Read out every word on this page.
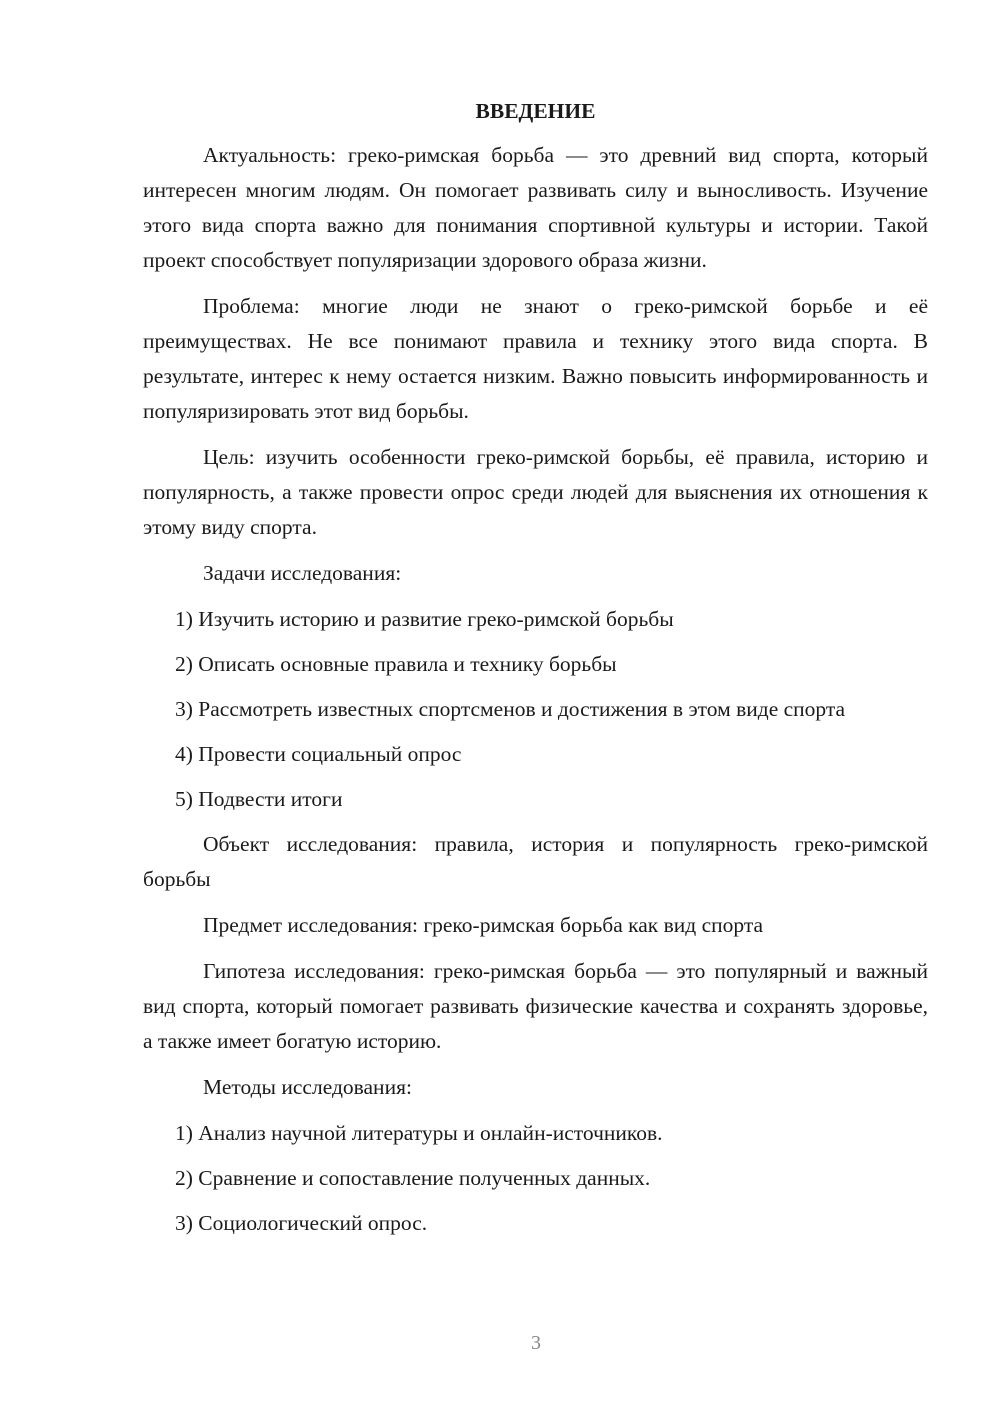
ВВЕДЕНИЕ

Актуальность: греко-римская борьба — это древний вид спорта, который интересен многим людям. Он помогает развивать силу и выносливость. Изучение этого вида спорта важно для понимания спортивной культуры и истории. Такой проект способствует популяризации здорового образа жизни.

Проблема: многие люди не знают о греко-римской борьбе и её преимуществах. Не все понимают правила и технику этого вида спорта. В результате, интерес к нему остается низким. Важно повысить информированность и популяризировать этот вид борьбы.

Цель: изучить особенности греко-римской борьбы, её правила, историю и популярность, а также провести опрос среди людей для выяснения их отношения к этому виду спорта.

Задачи исследования:

1) Изучить историю и развитие греко-римской борьбы

2) Описать основные правила и технику борьбы

3) Рассмотреть известных спортсменов и достижения в этом виде спорта

4) Провести социальный опрос

5) Подвести итоги

Объект исследования: правила, история и популярность греко-римской борьбы

Предмет исследования: греко-римская борьба как вид спорта

Гипотеза исследования: греко-римская борьба — это популярный и важный вид спорта, который помогает развивать физические качества и сохранять здоровье, а также имеет богатую историю.

Методы исследования:

1) Анализ научной литературы и онлайн-источников.

2) Сравнение и сопоставление полученных данных.

3) Социологический опрос.

3
